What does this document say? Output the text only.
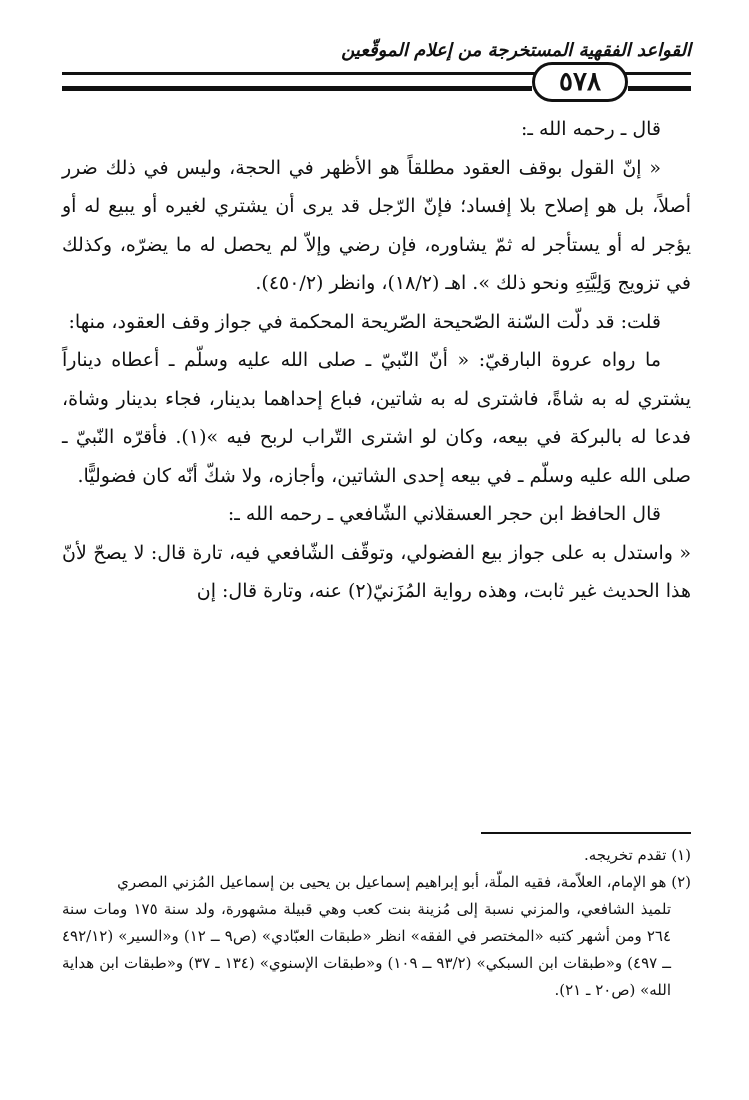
القواعد الفقهية المستخرجة من إعلام الموقّعين
٥٧٨

قال ـ رحمه الله ـ:

« إنّ القول بوقف العقود مطلقاً هو الأظهر في الحجة، وليس في ذلك ضرر أصلاً، بل هو إصلاح بلا إفساد؛ فإنّ الرّجل قد يرى أن يشتري لغيره أو يبيع له أو يؤجر له أو يستأجر له ثمّ يشاوره، فإن رضي وإلاّ لم يحصل له ما يضرّه، وكذلك في تزويج وَلِيَّتِهِ ونحو ذلك ». اهـ (١٨/٢)، وانظر (٤٥٠/٢).

قلت: قد دلّت السّنة الصّحيحة الصّريحة المحكمة في جواز وقف العقود، منها:

ما رواه عروة البارقيّ: « أنّ النّبيّ ـ صلى الله عليه وسلّم ـ أعطاه ديناراً يشتري له به شاةً، فاشترى له به شاتين، فباع إحداهما بدينار، فجاء بدينار وشاة، فدعا له بالبركة في بيعه، وكان لو اشترى التّراب لربح فيه »(١). فأقرّه النّبيّ ـ صلى الله عليه وسلّم ـ في بيعه إحدى الشاتين، وأجازه، ولا شكّ أنّه كان فضوليًّا.

قال الحافظ ابن حجر العسقلاني الشّافعي ـ رحمه الله ـ:

« واستدل به على جواز بيع الفضولي، وتوقّف الشّافعي فيه، تارة قال: لا يصحّ لأنّ هذا الحديث غير ثابت، وهذه رواية المُزَنيّ(٢) عنه، وتارة قال: إن

(١) تقدم تخريجه.

(٢) هو الإمام، العلاّمة، فقيه الملّة، أبو إبراهيم إسماعيل بن يحيى بن إسماعيل المُزني المصري

تلميذ الشافعي، والمزني نسبة إلى مُزينة بنت كعب وهي قبيلة مشهورة، ولد سنة ١٧٥ ومات سنة ٢٦٤ ومن أشهر كتبه «المختصر في الفقه» انظر «طبقات العبّادي» (ص٩ ــ ١٢) و«السير» (٤٩٢/١٢ ــ ٤٩٧) و«طبقات ابن السبكي» (٩٣/٢ ــ ١٠٩) و«طبقات الإسنوي» (١٣٤ ـ ٣٧) و«طبقات ابن هداية الله» (ص٢٠ ـ ٢١).
